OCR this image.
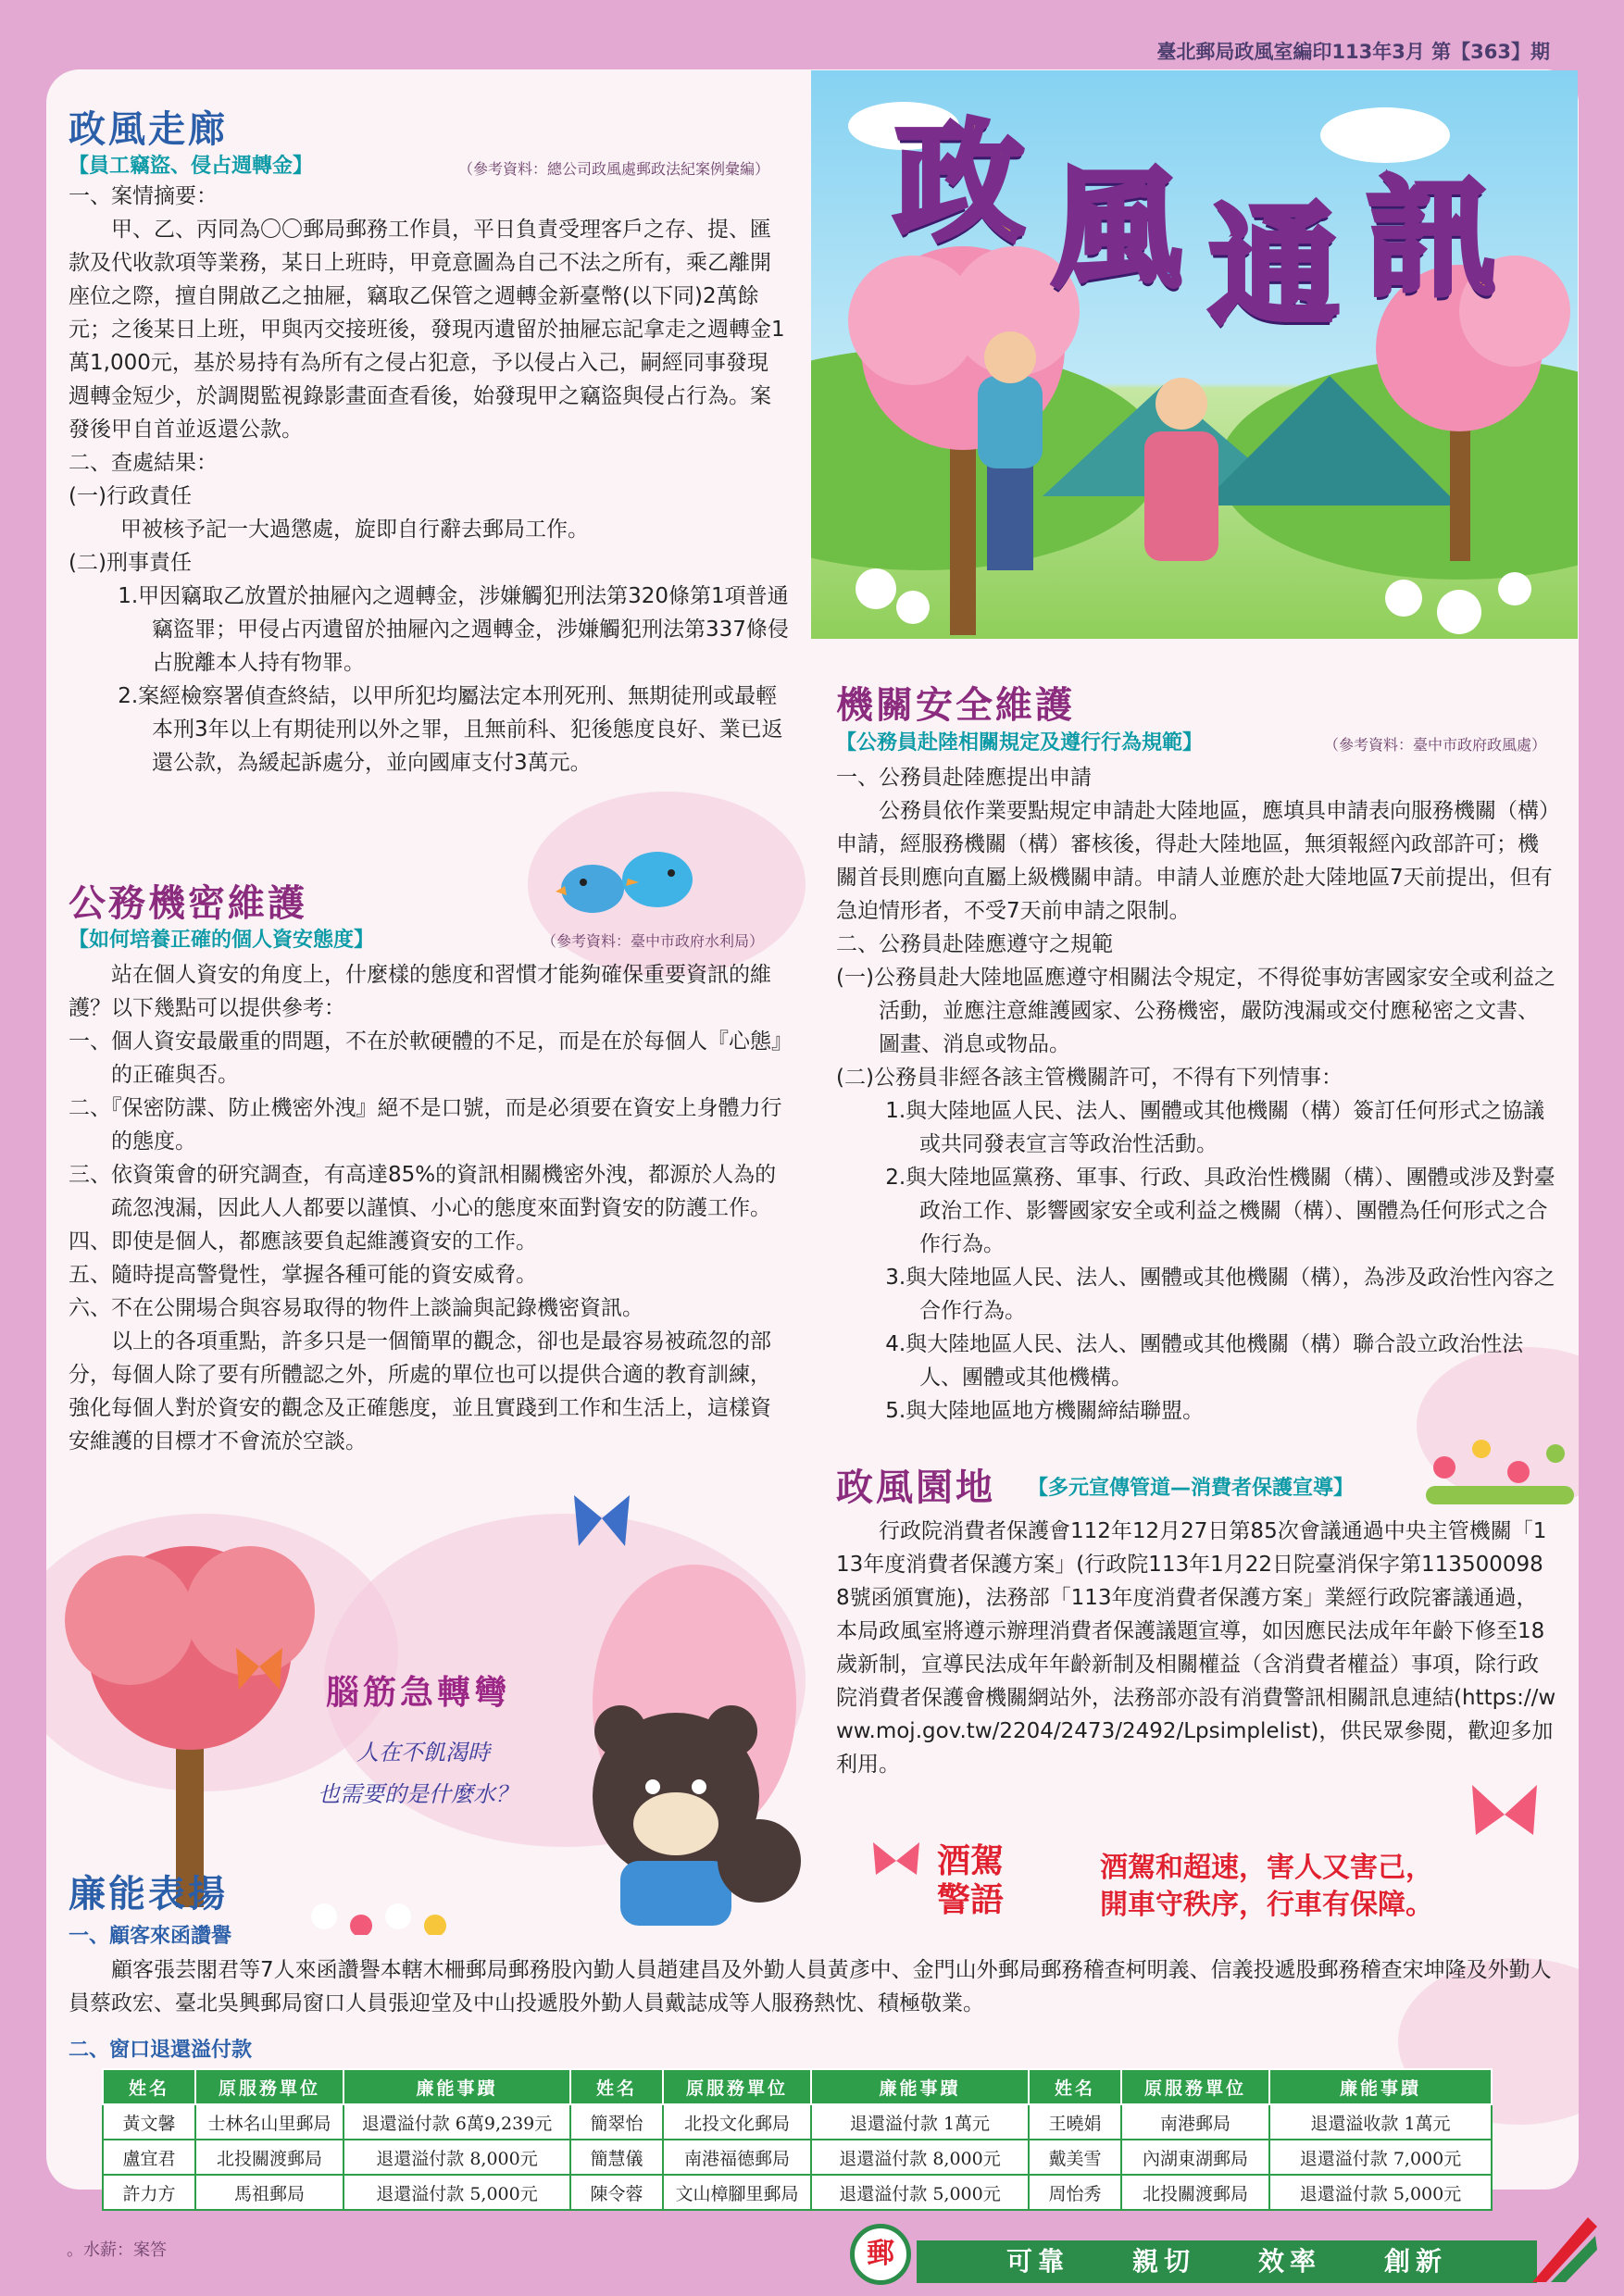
臺北郵局政風室編印113年3月 第【363】期
政 風 通 訊
政風走廊
【員工竊盜、侵占週轉金】	（參考資料：總公司政風處郵政法紀案例彙編）

一、案情摘要：

甲、乙、丙同為〇〇郵局郵務工作員，平日負責受理客戶之存、提、匯款及代收款項等業務，某日上班時，甲竟意圖為自己不法之所有，乘乙離開座位之際，擅自開啟乙之抽屜，竊取乙保管之週轉金新臺幣(以下同)2萬餘元；之後某日上班，甲與丙交接班後，發現丙遺留於抽屜忘記拿走之週轉金1萬1,000元，基於易持有為所有之侵占犯意，予以侵占入己，嗣經同事發現週轉金短少，於調閱監視錄影畫面查看後，始發現甲之竊盜與侵占行為。案發後甲自首並返還公款。

二、查處結果：

(一)行政責任

甲被核予記一大過懲處，旋即自行辭去郵局工作。

(二)刑事責任

1.甲因竊取乙放置於抽屜內之週轉金，涉嫌觸犯刑法第320條第1項普通竊盜罪；甲侵占丙遺留於抽屜內之週轉金，涉嫌觸犯刑法第337條侵占脫離本人持有物罪。

2.案經檢察署偵查終結，以甲所犯均屬法定本刑死刑、無期徒刑或最輕本刑3年以上有期徒刑以外之罪，且無前科、犯後態度良好、業已返還公款，為緩起訴處分，並向國庫支付3萬元。

公務機密維護
【如何培養正確的個人資安態度】	（參考資料：臺中市政府水利局）

站在個人資安的角度上，什麼樣的態度和習慣才能夠確保重要資訊的維護？以下幾點可以提供參考：

一、個人資安最嚴重的問題，不在於軟硬體的不足，而是在於每個人『心態』的正確與否。

二、『保密防諜、防止機密外洩』絕不是口號，而是必須要在資安上身體力行的態度。

三、依資策會的研究調查，有高達85%的資訊相關機密外洩，都源於人為的疏忽洩漏，因此人人都要以謹慎、小心的態度來面對資安的防護工作。

四、即使是個人，都應該要負起維護資安的工作。

五、隨時提高警覺性，掌握各種可能的資安威脅。

六、不在公開場合與容易取得的物件上談論與記錄機密資訊。

以上的各項重點，許多只是一個簡單的觀念，卻也是最容易被疏忽的部分，每個人除了要有所體認之外，所處的單位也可以提供合適的教育訓練，強化每個人對於資安的觀念及正確態度，並且實踐到工作和生活上，這樣資安維護的目標才不會流於空談。

機關安全維護
【公務員赴陸相關規定及遵行行為規範】	（參考資料：臺中市政府政風處）

一、公務員赴陸應提出申請

公務員依作業要點規定申請赴大陸地區，應填具申請表向服務機關（構）申請，經服務機關（構）審核後，得赴大陸地區，無須報經內政部許可；機關首長則應向直屬上級機關申請。申請人並應於赴大陸地區7天前提出，但有急迫情形者，不受7天前申請之限制。

二、公務員赴陸應遵守之規範

(一)公務員赴大陸地區應遵守相關法令規定，不得從事妨害國家安全或利益之活動，並應注意維護國家、公務機密，嚴防洩漏或交付應秘密之文書、圖畫、消息或物品。

(二)公務員非經各該主管機關許可，不得有下列情事：

1.與大陸地區人民、法人、團體或其他機關（構）簽訂任何形式之協議或共同發表宣言等政治性活動。

2.與大陸地區黨務、軍事、行政、具政治性機關（構）、團體或涉及對臺政治工作、影響國家安全或利益之機關（構）、團體為任何形式之合作行為。

3.與大陸地區人民、法人、團體或其他機關（構），為涉及政治性內容之合作行為。

4.與大陸地區人民、法人、團體或其他機關（構）聯合設立政治性法人、團體或其他機構。

5.與大陸地區地方機關締結聯盟。

政風園地 【多元宣傳管道—消費者保護宣導】

行政院消費者保護會112年12月27日第85次會議通過中央主管機關「113年度消費者保護方案」(行政院113年1月22日院臺消保字第1135000988號函頒實施)，法務部「113年度消費者保護方案」業經行政院審議通過，本局政風室將遵示辦理消費者保護議題宣導，如因應民法成年年齡下修至18歲新制，宣導民法成年年齡新制及相關權益（含消費者權益）事項，除行政院消費者保護會機關網站外，法務部亦設有消費警訊相關訊息連結(https://www.moj.gov.tw/2204/2473/2492/Lpsimplelist)，供民眾參閱，歡迎多加利用。

酒駕
警語
酒駕和超速，害人又害己，
開車守秩序，行車有保障。
腦筋急轉彎
人在不飢渴時
也需要的是什麼水？
。水薪：案答
廉能表揚
一、顧客來函讚譽

顧客張芸閣君等7人來函讚譽本轄木柵郵局郵務股內勤人員趙建昌及外勤人員黃彥中、金門山外郵局郵務稽查柯明義、信義投遞股郵務稽查宋坤隆及外勤人員蔡政宏、臺北吳興郵局窗口人員張迎堂及中山投遞股外勤人員戴誌成等人服務熱忱、積極敬業。

二、窗口退還溢付款
姓名	原服務單位	廉能事蹟	姓名	原服務單位	廉能事蹟	姓名	原服務單位	廉能事蹟
黃文馨	士林名山里郵局	退還溢付款 6萬9,239元	簡翠怡	北投文化郵局	退還溢付款 1萬元	王曉娟	南港郵局	退還溢收款 1萬元
盧宜君	北投關渡郵局	退還溢付款 8,000元	簡慧儀	南港福德郵局	退還溢付款 8,000元	戴美雪	內湖東湖郵局	退還溢付款 7,000元
許力方	馬祖郵局	退還溢付款 5,000元	陳令蓉	文山樟腳里郵局	退還溢付款 5,000元	周怡秀	北投關渡郵局	退還溢付款 5,000元
郵	可靠　　親切　　效率　　創新
